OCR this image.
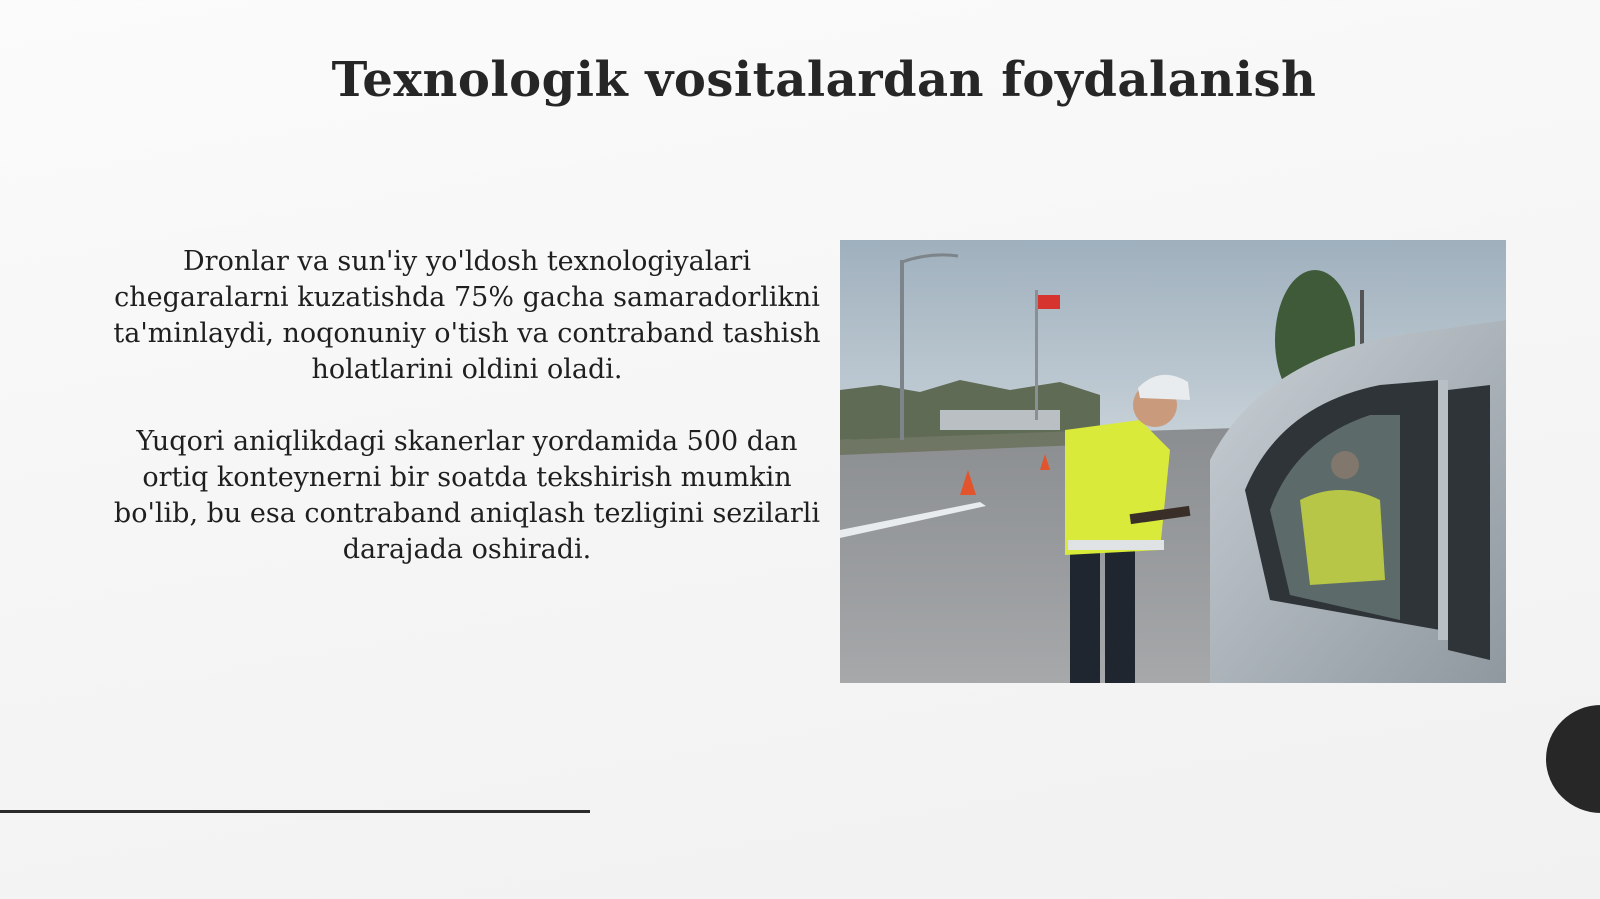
Texnologik vositalardan foydalanish

Dronlar va sun'iy yo'ldosh texnologiyalari chegaralarni kuzatishda 75% gacha samaradorlikni ta'minlaydi, noqonuniy o'tish va contraband tashish holatlarini oldini oladi.

Yuqori aniqlikdagi skanerlar yordamida 500 dan ortiq konteynerni bir soatda tekshirish mumkin bo'lib, bu esa contraband aniqlash tezligini sezilarli darajada oshiradi.
